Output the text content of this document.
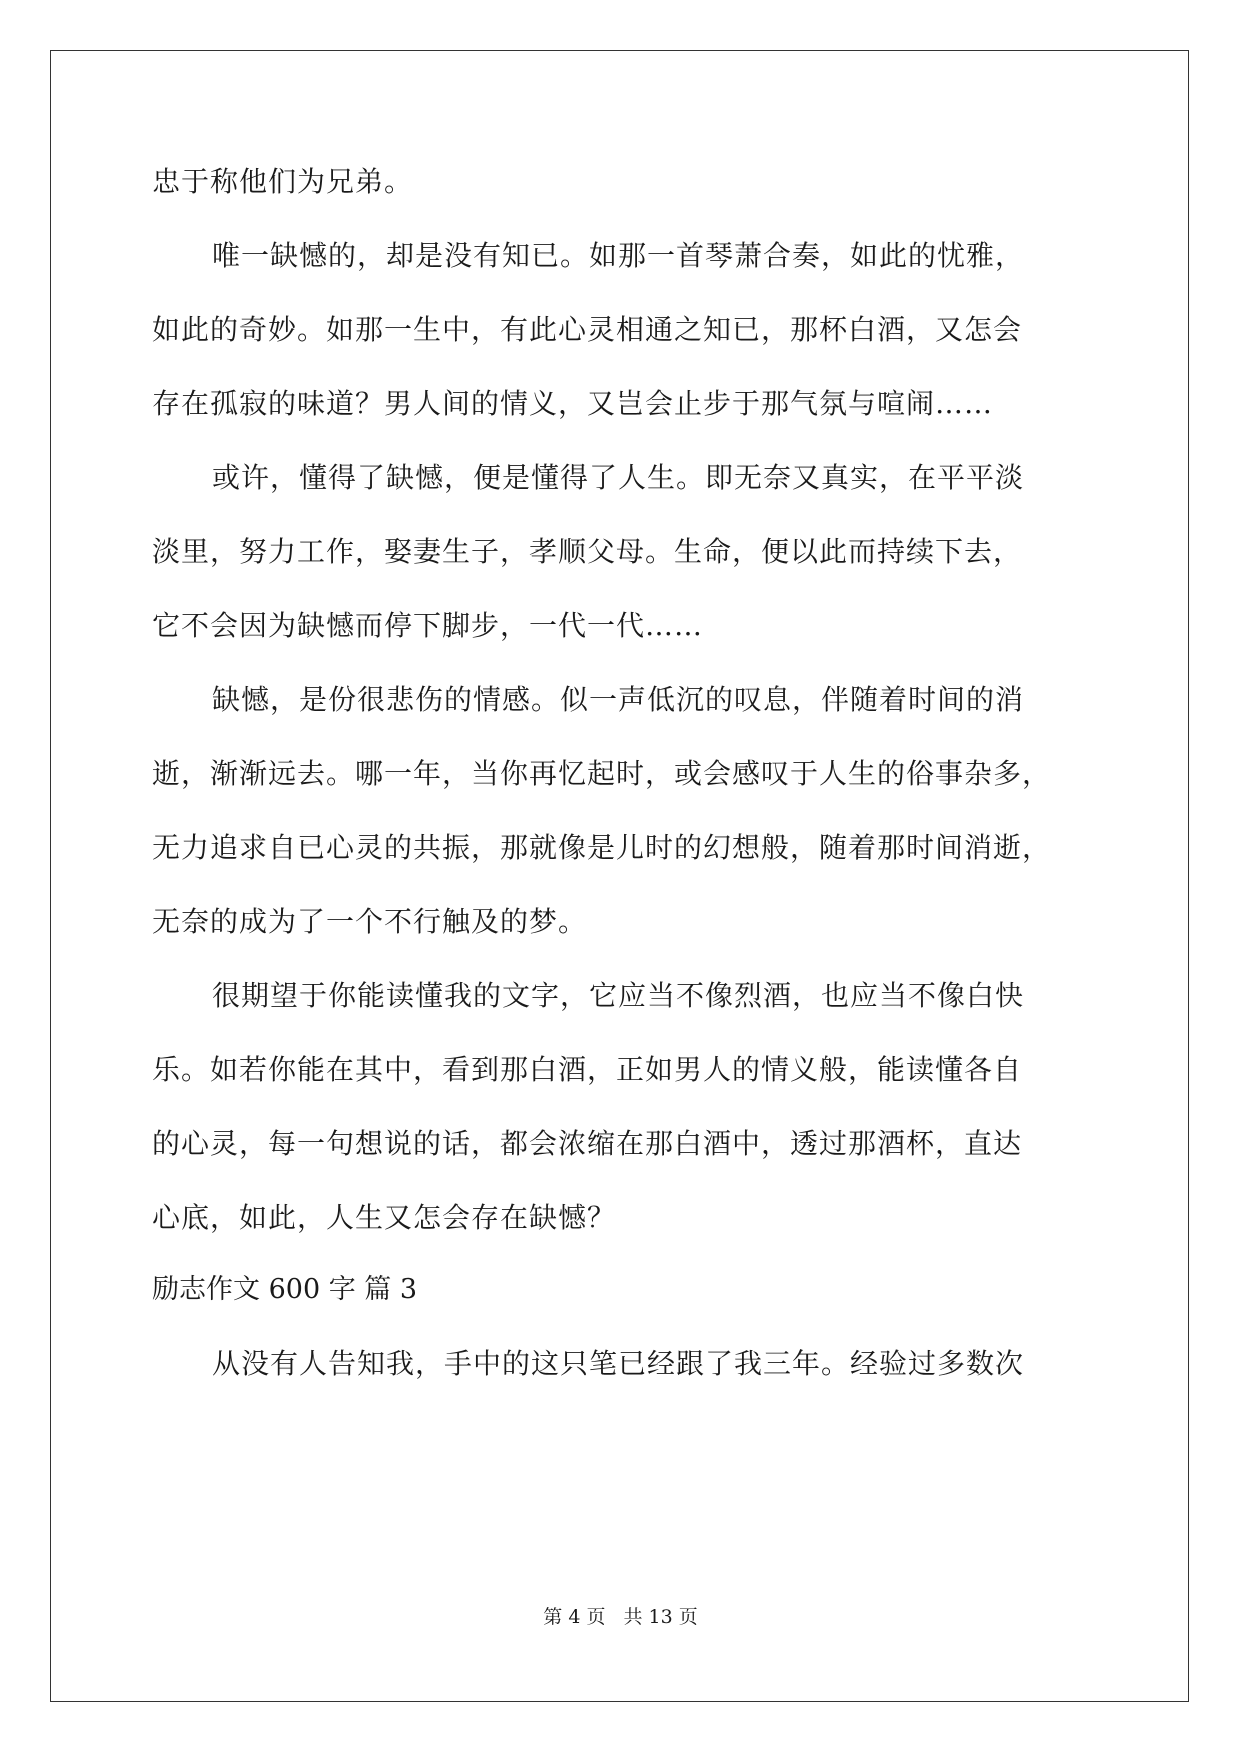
忠于称他们为兄弟。

唯一缺憾的，却是没有知已。如那一首琴萧合奏，如此的忧雅，

如此的奇妙。如那一生中，有此心灵相通之知已，那杯白酒，又怎会

存在孤寂的味道？男人间的情义，又岂会止步于那气氛与喧闹……

或许，懂得了缺憾，便是懂得了人生。即无奈又真实，在平平淡

淡里，努力工作，娶妻生子，孝顺父母。生命，便以此而持续下去，

它不会因为缺憾而停下脚步，一代一代……

缺憾，是份很悲伤的情感。似一声低沉的叹息，伴随着时间的消

逝，渐渐远去。哪一年，当你再忆起时，或会感叹于人生的俗事杂多，

无力追求自已心灵的共振，那就像是儿时的幻想般，随着那时间消逝，

无奈的成为了一个不行触及的梦。

很期望于你能读懂我的文字，它应当不像烈酒，也应当不像白快

乐。如若你能在其中，看到那白酒，正如男人的情义般，能读懂各自

的心灵，每一句想说的话，都会浓缩在那白酒中，透过那酒杯，直达

心底，如此，人生又怎会存在缺憾？

励志作文 600 字 篇 3

从没有人告知我，手中的这只笔已经跟了我三年。经验过多数次

第 4 页 共 13 页
